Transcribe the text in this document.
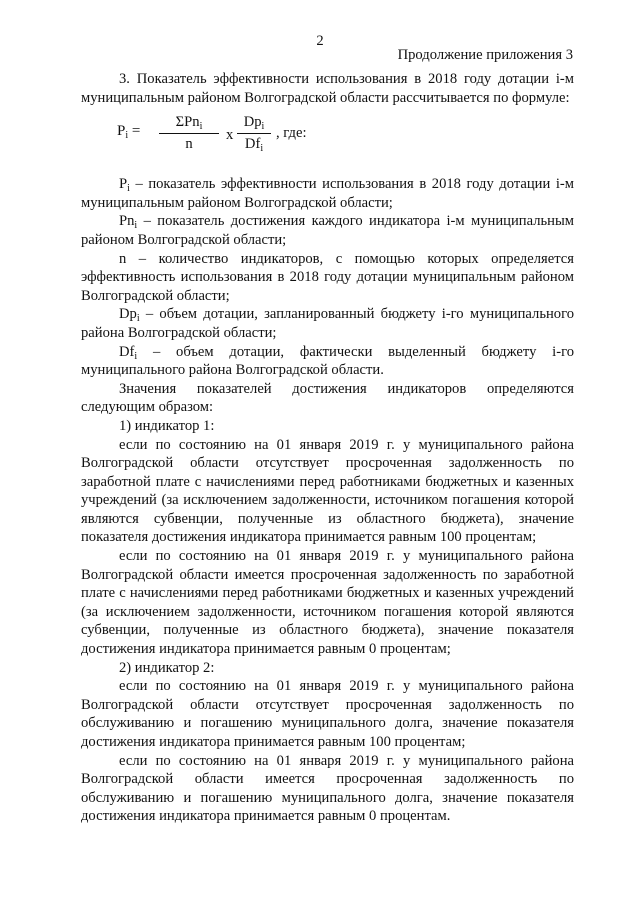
2
Продолжение приложения 3

3. Показатель эффективности использования в 2018 году дотации i-м муниципальным районом Волгоградской области рассчитывается по формуле:

$P_i$ =
ΣPn$_i$
n
x
$Dp_i$
$Df_i$
, где:

$P_i$ – показатель эффективности использования в 2018 году дотации i-м муниципальным районом Волгоградской области;

$Pn_i$ – показатель достижения каждого индикатора i-м муниципальным районом Волгоградской области;

n – количество индикаторов, с помощью которых определяется эффективность использования в 2018 году дотации муниципальным районом Волгоградской области;

$Dp_i$ – объем дотации, запланированный бюджету i-го муниципального района Волгоградской области;

$Df_i$ – объем дотации, фактически выделенный бюджету i-го муниципального района Волгоградской области.

Значения показателей достижения индикаторов определяются следующим образом:

1) индикатор 1:

если по состоянию на 01 января 2019 г. у муниципального района Волгоградской области отсутствует просроченная задолженность по заработной плате с начислениями перед работниками бюджетных и казенных учреждений (за исключением задолженности, источником погашения которой являются субвенции, полученные из областного бюджета), значение показателя достижения индикатора принимается равным 100 процентам;

если по состоянию на 01 января 2019 г. у муниципального района Волгоградской области имеется просроченная задолженность по заработной плате с начислениями перед работниками бюджетных и казенных учреждений (за исключением задолженности, источником погашения которой являются субвенции, полученные из областного бюджета), значение показателя достижения индикатора принимается равным 0 процентам;

2) индикатор 2:

если по состоянию на 01 января 2019 г. у муниципального района Волгоградской области отсутствует просроченная задолженность по обслуживанию и погашению муниципального долга, значение показателя достижения индикатора принимается равным 100 процентам;

если по состоянию на 01 января 2019 г. у муниципального района Волгоградской области имеется просроченная задолженность по обслуживанию и погашению муниципального долга, значение показателя достижения индикатора принимается равным 0 процентам.
